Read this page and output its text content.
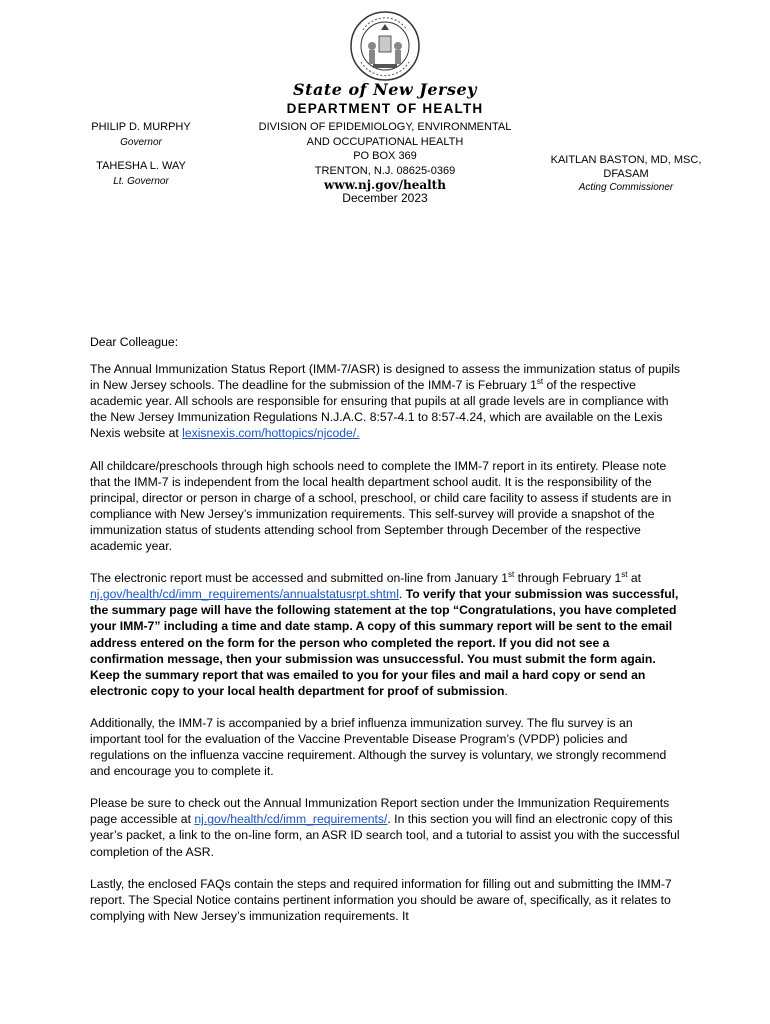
State of New Jersey
DEPARTMENT OF HEALTH
PHILIP D. MURPHY
Governor
TAHESHA L. WAY
Lt. Governor
DIVISION OF EPIDEMIOLOGY, ENVIRONMENTAL
AND OCCUPATIONAL HEALTH
PO BOX 369
TRENTON, N.J. 08625-0369
www.nj.gov/health
KAITLAN BASTON, MD, MSC, DFASAM
Acting Commissioner
December 2023

Dear Colleague:

The Annual Immunization Status Report (IMM-7/ASR) is designed to assess the immunization status of pupils in New Jersey schools. The deadline for the submission of the IMM-7 is February 1st of the respective academic year. All schools are responsible for ensuring that pupils at all grade levels are in compliance with the New Jersey Immunization Regulations N.J.A.C. 8:57-4.1 to 8:57-4.24, which are available on the Lexis Nexis website at lexisnexis.com/hottopics/njcode/.

All childcare/preschools through high schools need to complete the IMM-7 report in its entirety. Please note that the IMM-7 is independent from the local health department school audit. It is the responsibility of the principal, director or person in charge of a school, preschool, or child care facility to assess if students are in compliance with New Jersey’s immunization requirements. This self-survey will provide a snapshot of the immunization status of students attending school from September through December of the respective academic year.

The electronic report must be accessed and submitted on-line from January 1st through February 1st at nj.gov/health/cd/imm_requirements/annualstatusrpt.shtml. To verify that your submission was successful, the summary page will have the following statement at the top “Congratulations, you have completed your IMM-7” including a time and date stamp. A copy of this summary report will be sent to the email address entered on the form for the person who completed the report. If you did not see a confirmation message, then your submission was unsuccessful. You must submit the form again. Keep the summary report that was emailed to you for your files and mail a hard copy or send an electronic copy to your local health department for proof of submission.

Additionally, the IMM-7 is accompanied by a brief influenza immunization survey. The flu survey is an important tool for the evaluation of the Vaccine Preventable Disease Program’s (VPDP) policies and regulations on the influenza vaccine requirement. Although the survey is voluntary, we strongly recommend and encourage you to complete it.

Please be sure to check out the Annual Immunization Report section under the Immunization Requirements page accessible at nj.gov/health/cd/imm_requirements/. In this section you will find an electronic copy of this year’s packet, a link to the on-line form, an ASR ID search tool, and a tutorial to assist you with the successful completion of the ASR.

Lastly, the enclosed FAQs contain the steps and required information for filling out and submitting the IMM-7 report. The Special Notice contains pertinent information you should be aware of, specifically, as it relates to complying with New Jersey’s immunization requirements. It
